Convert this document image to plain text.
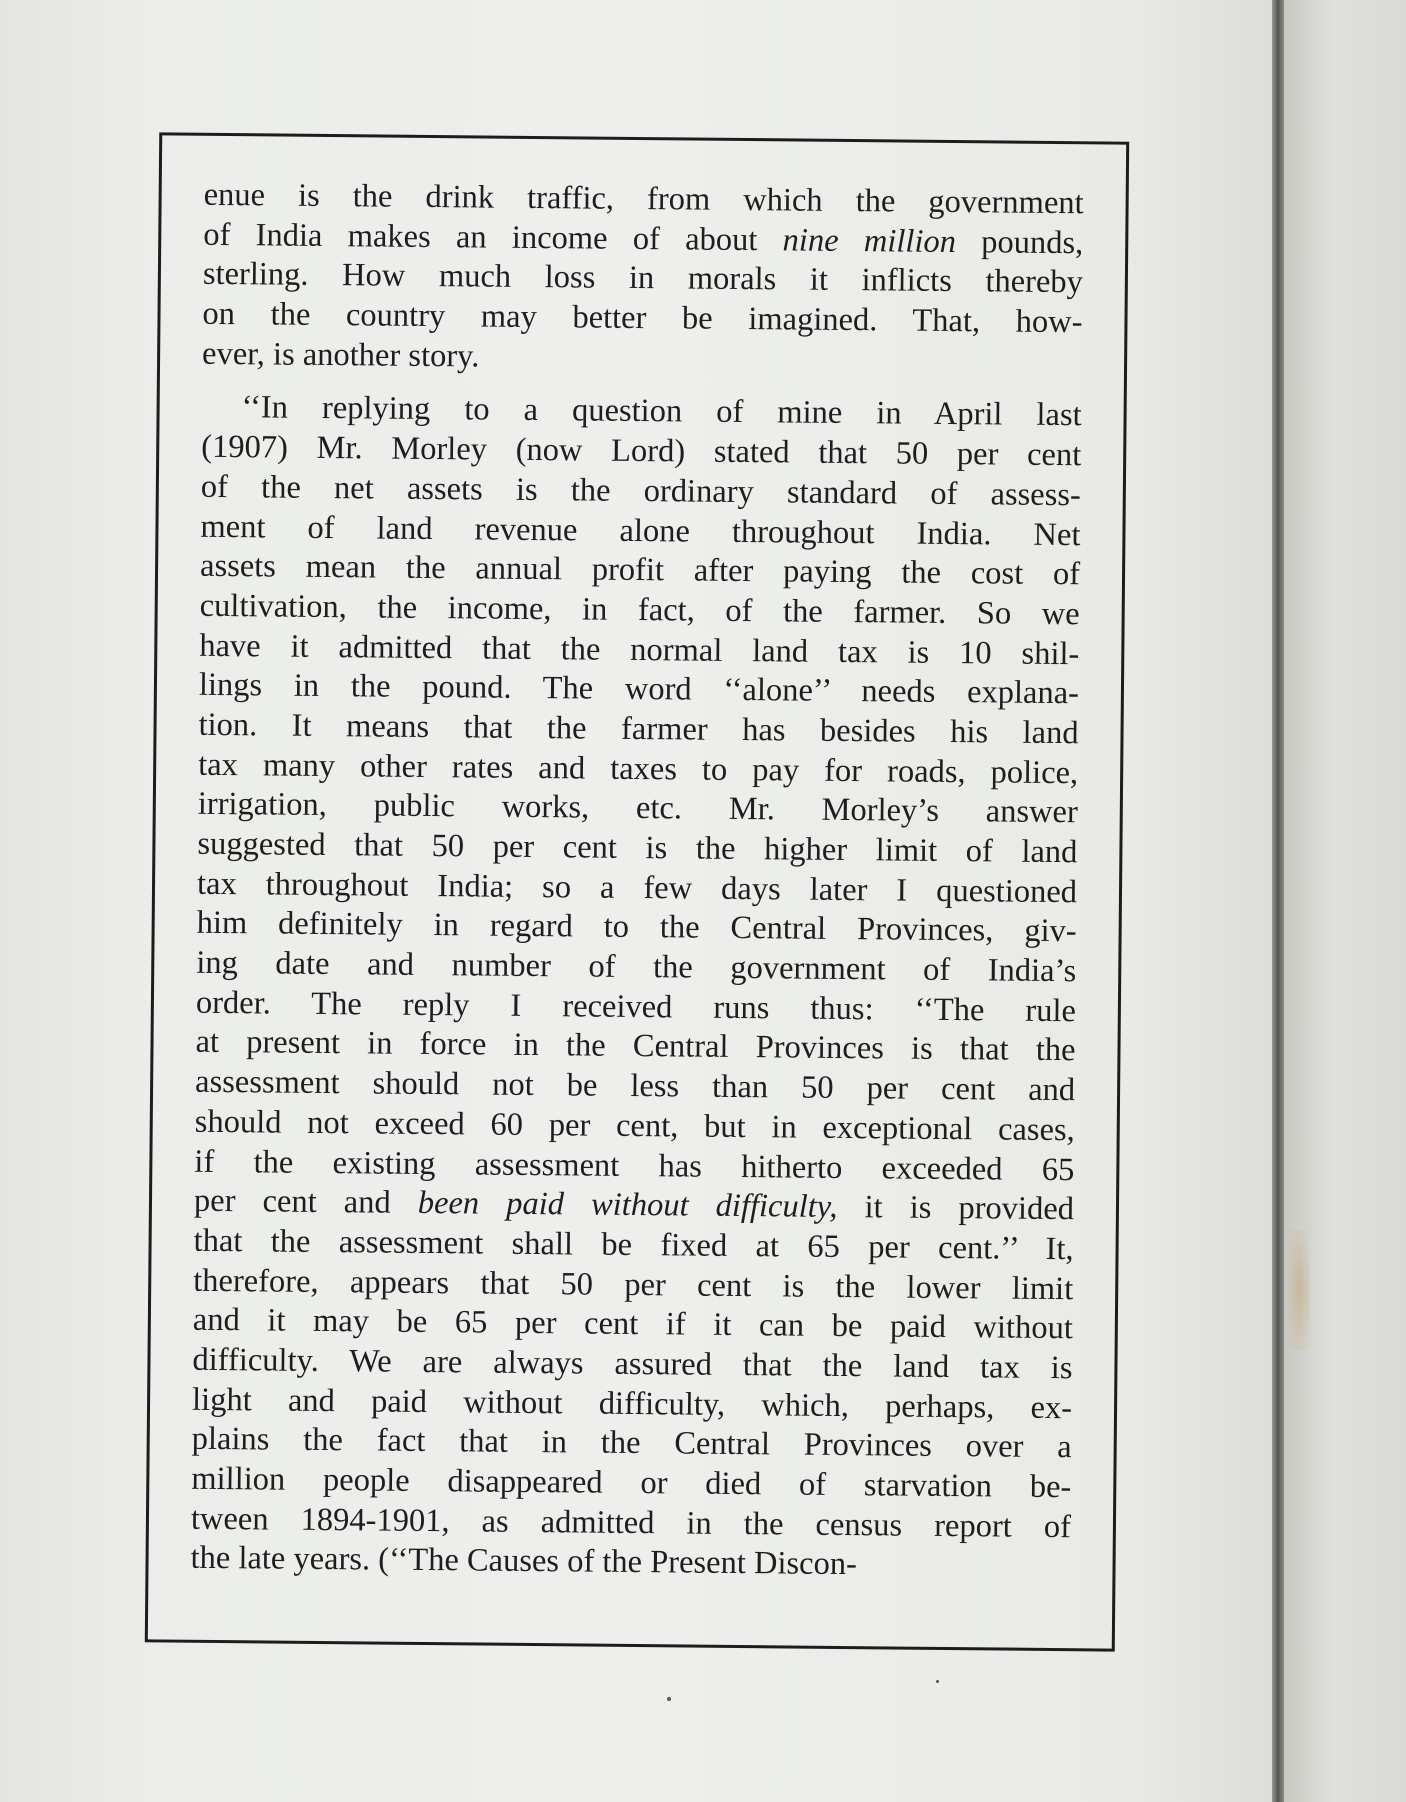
enue is the drink traffic, from which the government
of India makes an income of about nine million pounds,
sterling. How much loss in morals it inflicts thereby
on the country may better be imagined. That, how-
ever, is another story.
‘‘In replying to a question of mine in April last
(1907) Mr. Morley (now Lord) stated that 50 per cent
of the net assets is the ordinary standard of assess-
ment of land revenue alone throughout India. Net
assets mean the annual profit after paying the cost of
cultivation, the income, in fact, of the farmer. So we
have it admitted that the normal land tax is 10 shil-
lings in the pound. The word ‘‘alone’’ needs explana-
tion. It means that the farmer has besides his land
tax many other rates and taxes to pay for roads, police,
irrigation, public works, etc. Mr. Morley’s answer
suggested that 50 per cent is the higher limit of land
tax throughout India; so a few days later I questioned
him definitely in regard to the Central Provinces, giv-
ing date and number of the government of India’s
order. The reply I received runs thus: ‘‘The rule
at present in force in the Central Provinces is that the
assessment should not be less than 50 per cent and
should not exceed 60 per cent, but in exceptional cases,
if the existing assessment has hitherto exceeded 65
per cent and been paid without difficulty, it is provided
that the assessment shall be fixed at 65 per cent.’’ It,
therefore, appears that 50 per cent is the lower limit
and it may be 65 per cent if it can be paid without
difficulty. We are always assured that the land tax is
light and paid without difficulty, which, perhaps, ex-
plains the fact that in the Central Provinces over a
million people disappeared or died of starvation be-
tween 1894-1901, as admitted in the census report of
the late years. (‘‘The Causes of the Present Discon-
